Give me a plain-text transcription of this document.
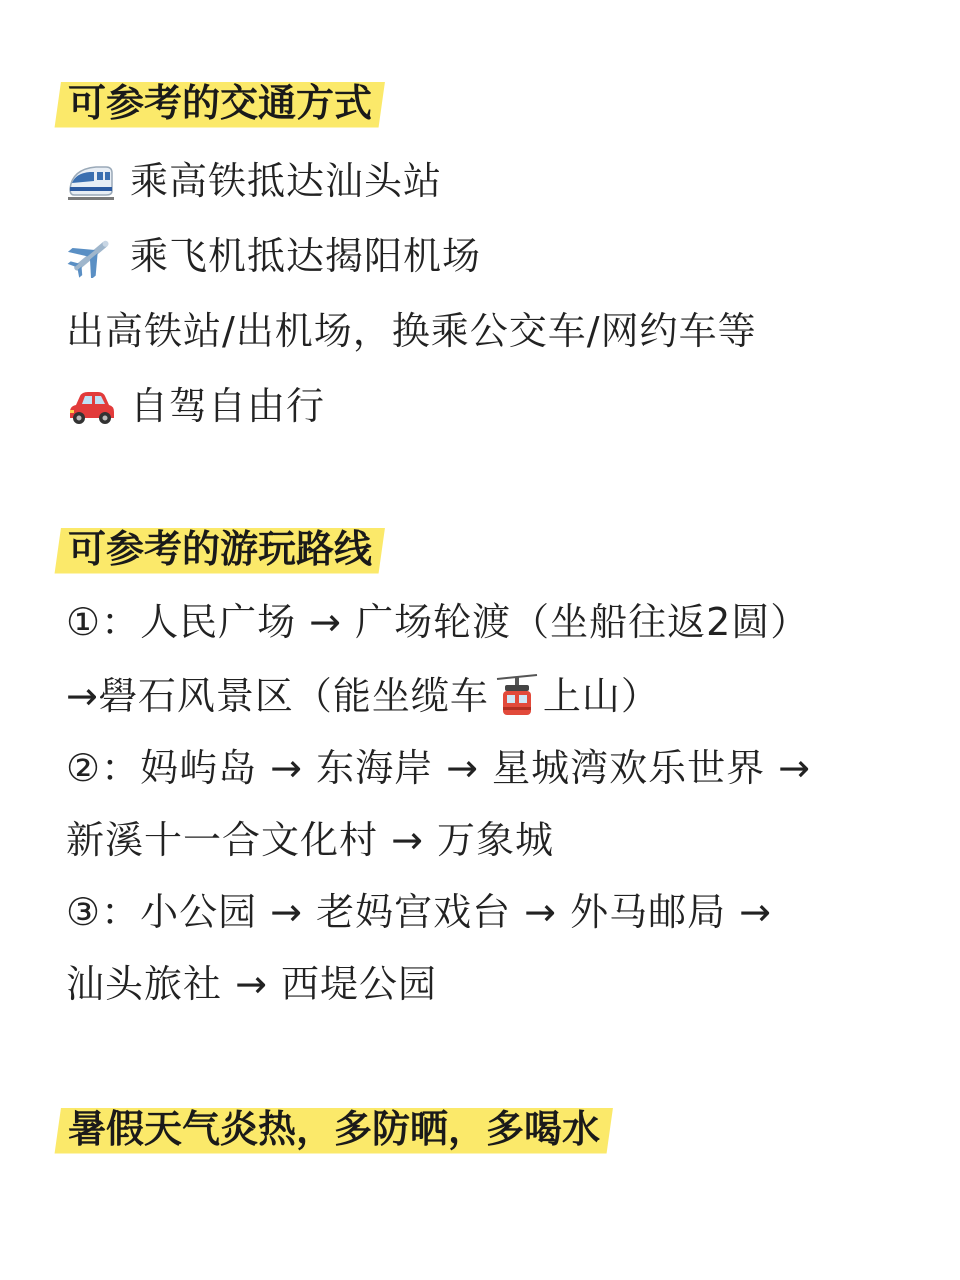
可参考的交通方式
乘高铁抵达汕头站
乘飞机抵达揭阳机场
出高铁站/出机场，换乘公交车/网约车等
自驾自由行
可参考的游玩路线
①：人民广场 → 广场轮渡（坐船往返2圆）
→礐石风景区（能坐缆车 上山）
②：妈屿岛 → 东海岸 → 星城湾欢乐世界 →
新溪十一合文化村 → 万象城
③：小公园 → 老妈宫戏台 → 外马邮局 →
汕头旅社 → 西堤公园
暑假天气炎热，多防晒，多喝水
